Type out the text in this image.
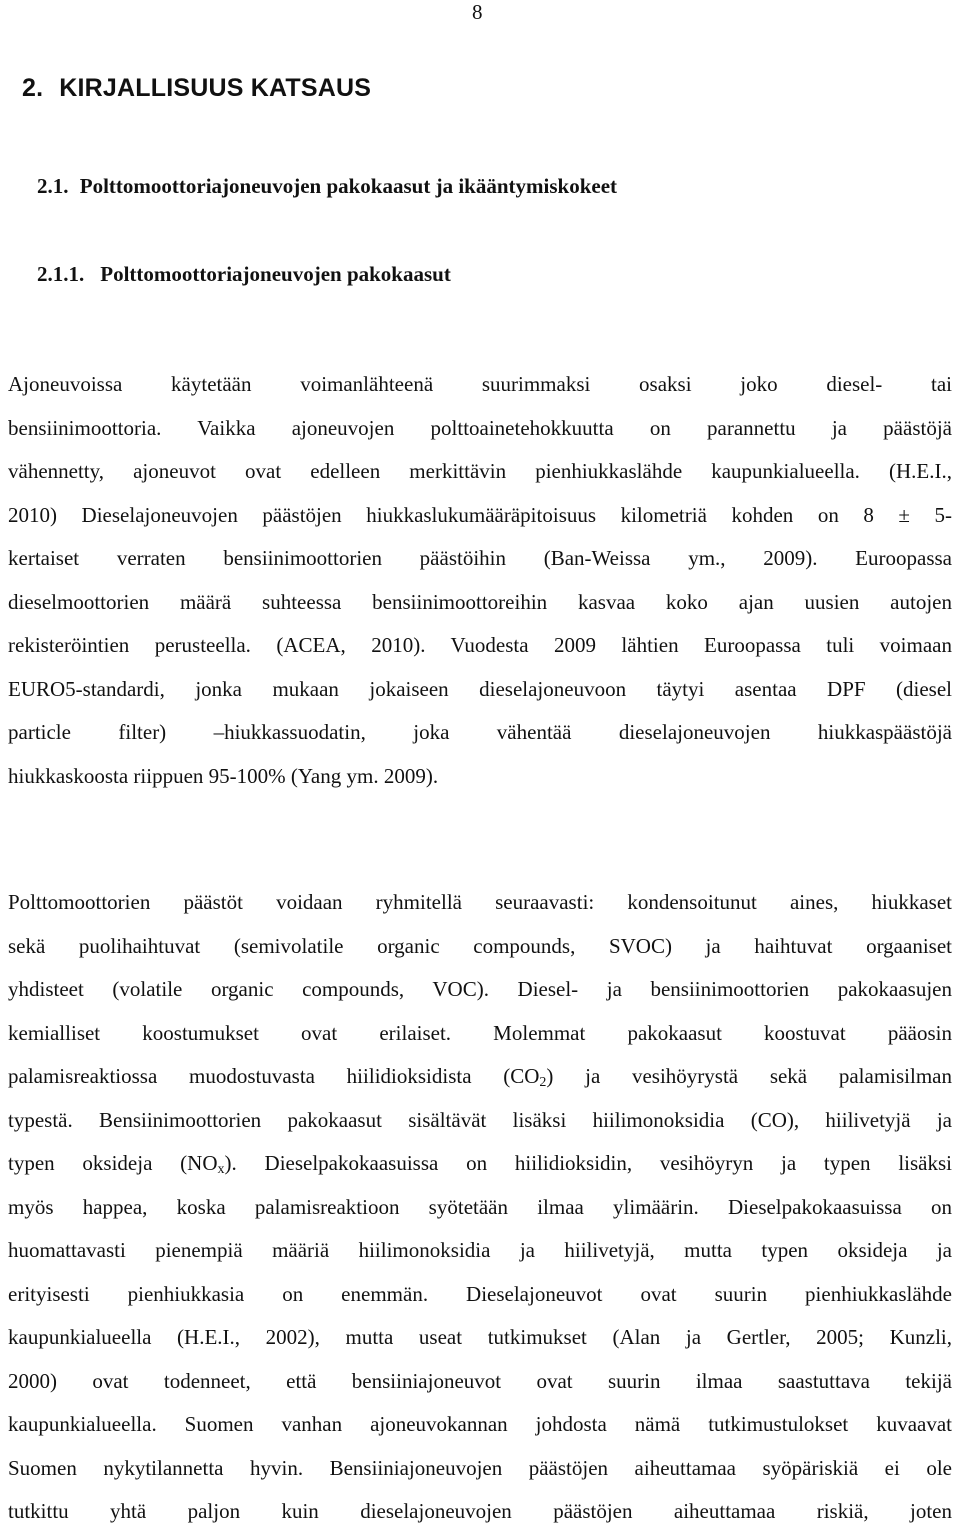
8
2. KIRJALLISUUS KATSAUS
2.1. Polttomoottoriajoneuvojen pakokaasut ja ikääntymiskokeet
2.1.1. Polttomoottoriajoneuvojen pakokaasut
Ajoneuvoissa käytetään voimanlähteenä suurimmaksi osaksi joko diesel- tai
bensiinimoottoria. Vaikka ajoneuvojen polttoainetehokkuutta on parannettu ja päästöjä
vähennetty, ajoneuvot ovat edelleen merkittävin pienhiukkaslähde kaupunkialueella. (H.E.I.,
2010) Dieselajoneuvojen päästöjen hiukkaslukumääräpitoisuus kilometriä kohden on 8 ± 5-
kertaiset verraten bensiinimoottorien päästöihin (Ban-Weissa ym., 2009). Euroopassa
dieselmoottorien määrä suhteessa bensiinimoottoreihin kasvaa koko ajan uusien autojen
rekisteröintien perusteella. (ACEA, 2010). Vuodesta 2009 lähtien Euroopassa tuli voimaan
EURO5-standardi, jonka mukaan jokaiseen dieselajoneuvoon täytyi asentaa DPF (diesel
particle filter) –hiukkassuodatin, joka vähentää dieselajoneuvojen hiukkaspäästöjä
hiukkaskoosta riippuen 95-100% (Yang ym. 2009).
Polttomoottorien päästöt voidaan ryhmitellä seuraavasti: kondensoitunut aines, hiukkaset
sekä puolihaihtuvat (semivolatile organic compounds, SVOC) ja haihtuvat orgaaniset
yhdisteet (volatile organic compounds, VOC). Diesel- ja bensiinimoottorien pakokaasujen
kemialliset koostumukset ovat erilaiset. Molemmat pakokaasut koostuvat pääosin
palamisreaktiossa muodostuvasta hiilidioksidista $(CO_2)$ ja vesihöyrystä sekä palamisilman
typestä. Bensiinimoottorien pakokaasut sisältävät lisäksi hiilimonoksidia (CO), hiilivetyjä ja
typen oksideja $(NO_x)$. Dieselpakokaasuissa on hiilidioksidin, vesihöyryn ja typen lisäksi
myös happea, koska palamisreaktioon syötetään ilmaa ylimäärin. Dieselpakokaasuissa on
huomattavasti pienempiä määriä hiilimonoksidia ja hiilivetyjä, mutta typen oksideja ja
erityisesti pienhiukkasia on enemmän. Dieselajoneuvot ovat suurin pienhiukkaslähde
kaupunkialueella (H.E.I., 2002), mutta useat tutkimukset (Alan ja Gertler, 2005; Kunzli,
2000) ovat todenneet, että bensiiniajoneuvot ovat suurin ilmaa saastuttava tekijä
kaupunkialueella. Suomen vanhan ajoneuvokannan johdosta nämä tutkimustulokset kuvaavat
Suomen nykytilannetta hyvin. Bensiiniajoneuvojen päästöjen aiheuttamaa syöpäriskiä ei ole
tutkittu yhtä paljon kuin dieselajoneuvojen päästöjen aiheuttamaa riskiä, joten
